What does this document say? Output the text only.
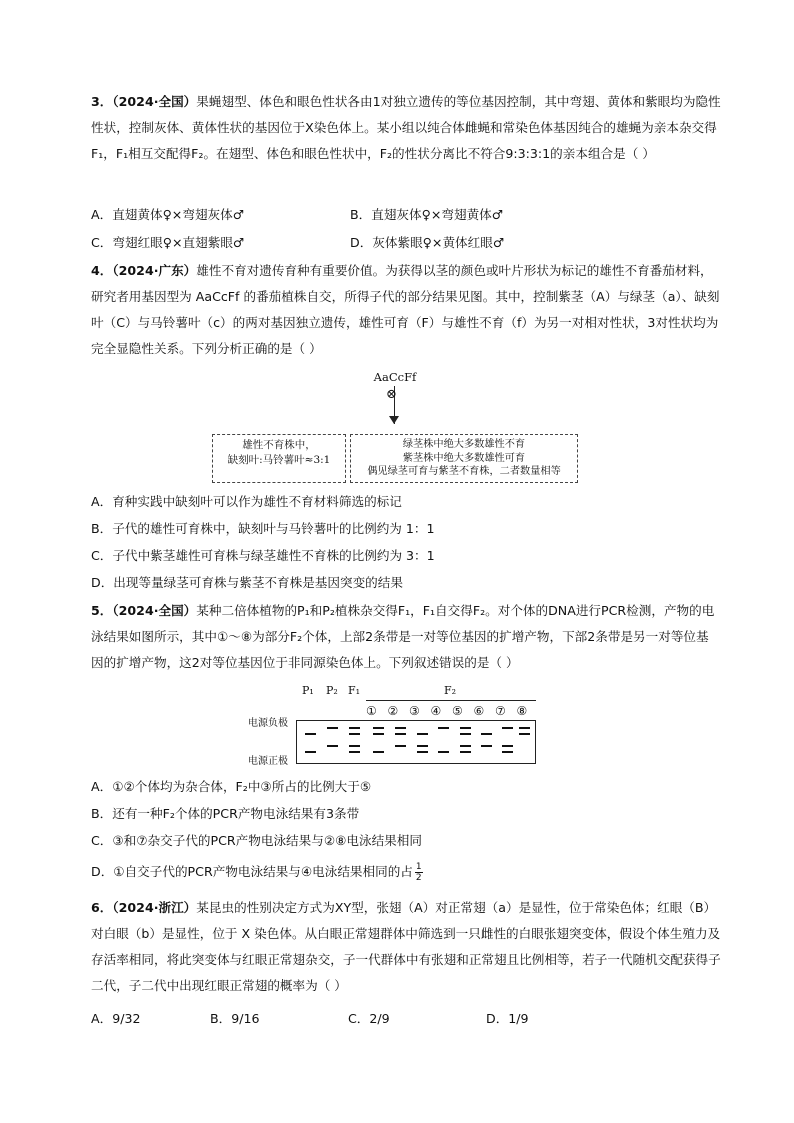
3．（2024·全国）果蝇翅型、体色和眼色性状各由1对独立遗传的等位基因控制，其中弯翅、黄体和紫眼均为隐性性状，控制灰体、黄体性状的基因位于X染色体上。某小组以纯合体雌蝇和常染色体基因纯合的雄蝇为亲本杂交得F₁，F₁相互交配得F₂。在翅型、体色和眼色性状中，F₂的性状分离比不符合9:3:3:1的亲本组合是（ ）

A．直翅黄体♀×弯翅灰体♂	B．直翅灰体♀×弯翅黄体♂
C．弯翅红眼♀×直翅紫眼♂	D．灰体紫眼♀×黄体红眼♂

4．（2024·广东）雄性不育对遗传育种有重要价值。为获得以茎的颜色或叶片形状为标记的雄性不育番茄材料，研究者用基因型为 AaCcFf 的番茄植株自交，所得子代的部分结果见图。其中，控制紫茎（A）与绿茎（a）、缺刻叶（C）与马铃薯叶（c）的两对基因独立遗传，雄性可育（F）与雄性不育（f）为另一对相对性状，3对性状均为完全显隐性关系。下列分析正确的是（ ）

AaCcFf
⊗
雄性不育株中，
缺刻叶:马铃薯叶≈3:1
绿茎株中绝大多数雄性不育
紫茎株中绝大多数雄性可育
偶见绿茎可育与紫茎不育株，二者数量相等
A．育种实践中缺刻叶可以作为雄性不育材料筛选的标记
B．子代的雄性可育株中，缺刻叶与马铃薯叶的比例约为 1：1
C．子代中紫茎雄性可育株与绿茎雄性不育株的比例约为 3：1
D．出现等量绿茎可育株与紫茎不育株是基因突变的结果

5．（2024·全国）某种二倍体植物的P₁和P₂植株杂交得F₁，F₁自交得F₂。对个体的DNA进行PCR检测，产物的电泳结果如图所示，其中①～⑧为部分F₂个体，上部2条带是一对等位基因的扩增产物，下部2条带是另一对等位基因的扩增产物，这2对等位基因位于非同源染色体上。下列叙述错误的是（ ）

P₁ P₂ F₁	F₂
① ② ③ ④ ⑤ ⑥ ⑦ ⑧
电源负极
电源正极
A．①②个体均为杂合体，F₂中③所占的比例大于⑤
B．还有一种F₂个体的PCR产物电泳结果有3条带
C．③和⑦杂交子代的PCR产物电泳结果与②⑧电泳结果相同
D．①自交子代的PCR产物电泳结果与④电泳结果相同的占 $\frac{1}{2}$

6．（2024·浙江）某昆虫的性别决定方式为XY型，张翅（A）对正常翅（a）是显性，位于常染色体；红眼（B）对白眼（b）是显性，位于 X 染色体。从白眼正常翅群体中筛选到一只雌性的白眼张翅突变体，假设个体生殖力及存活率相同，将此突变体与红眼正常翅杂交，子一代群体中有张翅和正常翅且比例相等，若子一代随机交配获得子二代，子二代中出现红眼正常翅的概率为（ ）

A．9/32	B．9/16	C．2/9	D．1/9
